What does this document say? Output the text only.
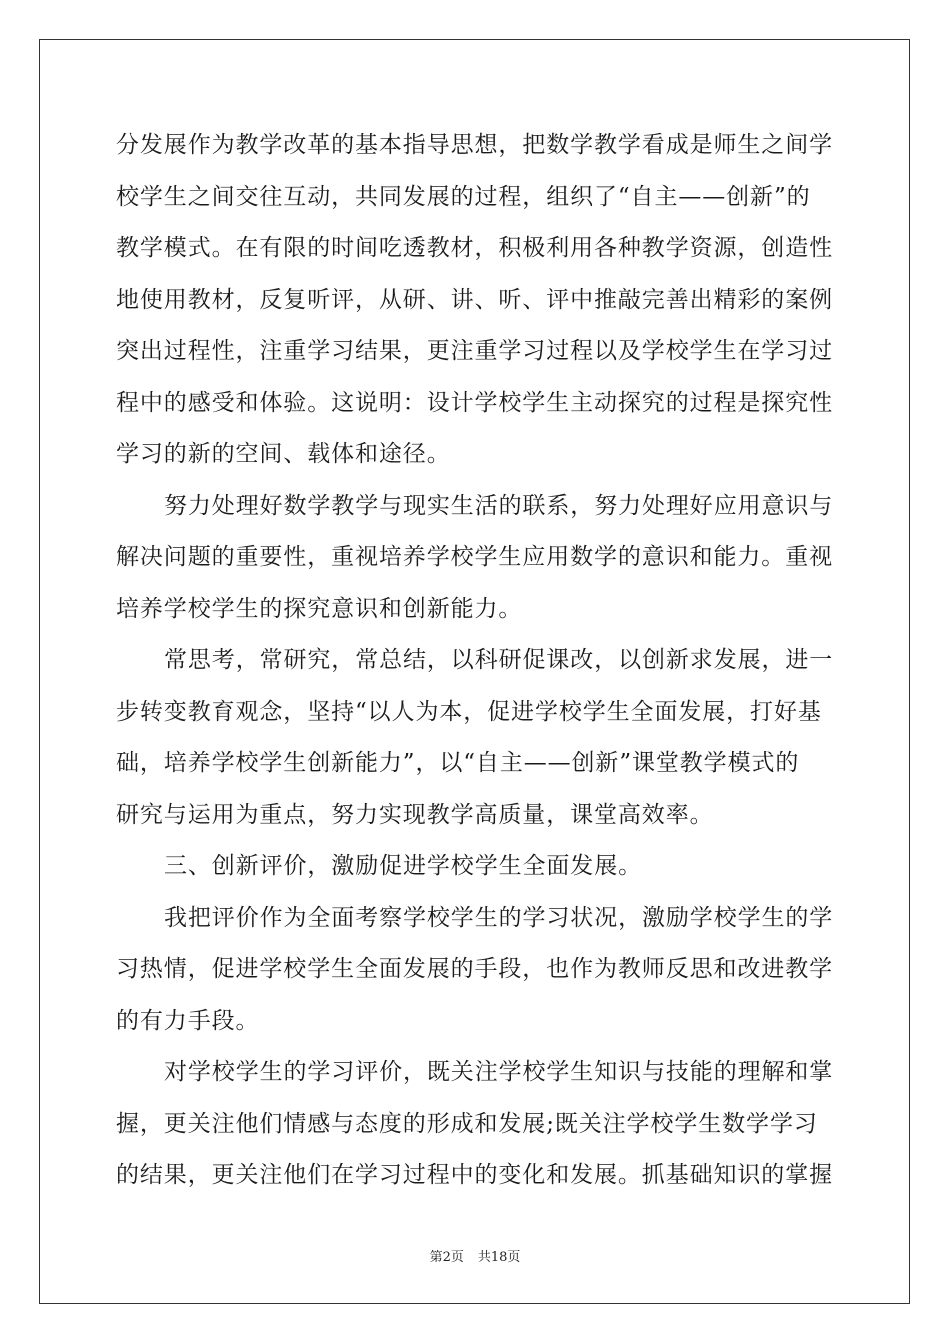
分发展作为教学改革的基本指导思想，把数学教学看成是师生之间学
校学生之间交往互动，共同发展的过程，组织了“自主——创新”的
教学模式。在有限的时间吃透教材，积极利用各种教学资源，创造性
地使用教材，反复听评，从研、讲、听、评中推敲完善出精彩的案例
突出过程性，注重学习结果，更注重学习过程以及学校学生在学习过
程中的感受和体验。这说明：设计学校学生主动探究的过程是探究性
学习的新的空间、载体和途径。
努力处理好数学教学与现实生活的联系，努力处理好应用意识与
解决问题的重要性，重视培养学校学生应用数学的意识和能力。重视
培养学校学生的探究意识和创新能力。
常思考，常研究，常总结，以科研促课改，以创新求发展，进一
步转变教育观念，坚持“以人为本，促进学校学生全面发展，打好基
础，培养学校学生创新能力”，以“自主——创新”课堂教学模式的
研究与运用为重点，努力实现教学高质量，课堂高效率。
三、创新评价，激励促进学校学生全面发展。
我把评价作为全面考察学校学生的学习状况，激励学校学生的学
习热情，促进学校学生全面发展的手段，也作为教师反思和改进教学
的有力手段。
对学校学生的学习评价，既关注学校学生知识与技能的理解和掌
握，更关注他们情感与态度的形成和发展;既关注学校学生数学学习
的结果，更关注他们在学习过程中的变化和发展。抓基础知识的掌握
第2页 共18页
